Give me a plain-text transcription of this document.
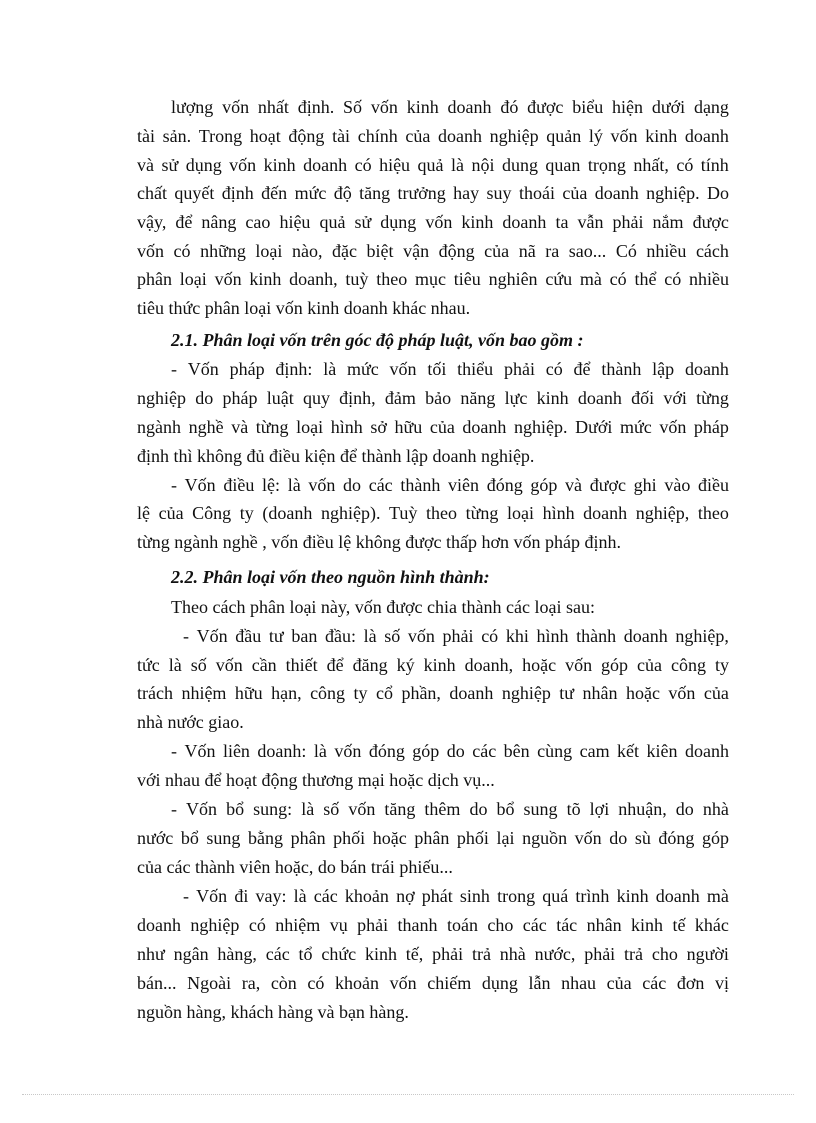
lượng vốn nhất định. Số vốn kinh doanh đó được biểu hiện dưới dạng
tài sản. Trong hoạt động tài chính của doanh nghiệp quản lý vốn kinh doanh
và sử dụng vốn kinh doanh có hiệu quả là nội dung quan trọng nhất, có tính
chất quyết định đến mức độ tăng trưởng hay suy thoái của doanh nghiệp. Do
vậy, để nâng cao hiệu quả sử dụng vốn kinh doanh ta vẫn phải nắm được
vốn có những loại nào, đặc biệt vận động của nã ra sao... Có nhiều cách
phân loại vốn kinh doanh, tuỳ theo mục tiêu nghiên cứu mà có thể có nhiều
tiêu thức phân loại vốn kinh doanh khác nhau.
2.1. Phân loại vốn trên góc độ pháp luật, vốn bao gồm :
- Vốn pháp định: là mức vốn tối thiểu phải có để thành lập doanh
nghiệp do pháp luật quy định, đảm bảo năng lực kinh doanh đối với từng
ngành nghề và từng loại hình sở hữu của doanh nghiệp. Dưới mức vốn pháp
định thì không đủ điều kiện để thành lập doanh nghiệp.
- Vốn điều lệ: là vốn do các thành viên đóng góp và được ghi vào điều
lệ của Công ty (doanh nghiệp). Tuỳ theo từng loại hình doanh nghiệp, theo
từng ngành nghề , vốn điều lệ không được thấp hơn vốn pháp định.
2.2. Phân loại vốn theo nguồn hình thành:
Theo cách phân loại này, vốn được chia thành các loại sau:
- Vốn đầu tư ban đầu: là số vốn phải có khi hình thành doanh nghiệp,
tức là số vốn cần thiết để đăng ký kinh doanh, hoặc vốn góp của công ty
trách nhiệm hữu hạn, công ty cổ phần, doanh nghiệp tư nhân hoặc vốn của
nhà nước giao.
- Vốn liên doanh: là vốn đóng góp do các bên cùng cam kết kiên doanh
với nhau để hoạt động thương mại hoặc dịch vụ...
- Vốn bổ sung: là số vốn tăng thêm do bổ sung tõ lợi nhuận, do nhà
nước bổ sung bằng phân phối hoặc phân phối lại nguồn vốn do sù đóng góp
của các thành viên hoặc, do bán trái phiếu...
- Vốn đi vay: là các khoản nợ phát sinh trong quá trình kinh doanh mà
doanh nghiệp có nhiệm vụ phải thanh toán cho các tác nhân kinh tế khác
như ngân hàng, các tổ chức kinh tế, phải trả nhà nước, phải trả cho người
bán... Ngoài ra, còn có khoản vốn chiếm dụng lẫn nhau của các đơn vị
nguồn hàng, khách hàng và bạn hàng.
